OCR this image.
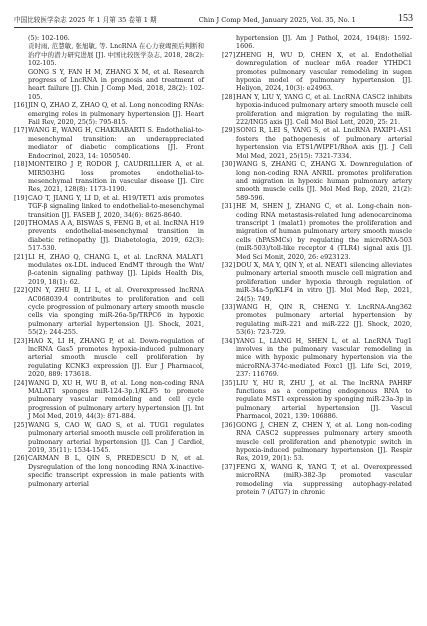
中国比较医学杂志 2025 年 1 月第 35 卷第 1 期	Chin J Comp Med, January 2025, Vol. 35, No. 1	153
(5): 102-106.
贡时雨, 范慧敏, 张旭敏, 等. LncRNA 在心力衰竭预后判断和治疗中的潜力研究进展 [J]. 中国比较医学杂志, 2018, 28(2): 102-105.
GONG S Y, FAN H M, ZHANG X M, et al. Research progress of LncRNA in prognosis and treatment of heart failure [J]. Chin J Comp Med, 2018, 28(2): 102-105.
[16] JIN Q, ZHAO Z, ZHAO Q, et al. Long noncoding RNAs: emerging roles in pulmonary hypertension [J]. Heart Fail Rev, 2020, 25(5): 795-815.
[17] WANG E, WANG H, CHAKRABARTI S. Endothelial-to-mesenchymal transition: an underappreciated mediator of diabetic complications [J]. Front Endocrinol, 2023, 14: 1050540.
[18] MONTEIRO J P, RODOR J, CAUDRILLIER A, et al. MIR503HG loss promotes endothelial-to-mesenchymal transition in vascular disease [J]. Circ Res, 2021, 128(8): 1173-1190.
[19] CAO T, JIANG Y, LI D, et al. H19/TET1 axis promotes TGF-β signaling linked to endothelial-to-mesenchymal transition [J]. FASEB J, 2020, 34(6): 8625-8640.
[20] THOMAS A A, BISWAS S, FENG B, et al. lncRNA H19 prevents endothelial-mesenchymal transition in diabetic retinopathy [J]. Diabetologia, 2019, 62(3): 517-530.
[21] LI H, ZHAO Q, CHANG L, et al. LncRNA MALAT1 modulates ox-LDL induced EndMT through the Wnt/β-catenin signaling pathway [J]. Lipids Health Dis, 2019, 18(1): 62.
[22] QIN Y, ZHU B, LI L, et al. Overexpressed lncRNA AC068039.4 contributes to proliferation and cell cycle progression of pulmonary artery smooth muscle cells via sponging miR-26a-5p/TRPC6 in hypoxic pulmonary arterial hypertension [J]. Shock, 2021, 55(2): 244-255.
[23] HAO X, LI H, ZHANG P, et al. Down-regulation of lncRNA Gas5 promotes hypoxia-induced pulmonary arterial smooth muscle cell proliferation by regulating KCNK3 expression [J]. Eur J Pharmacol, 2020, 889: 173618.
[24] WANG D, XU H, WU B, et al. Long non-coding RNA MALAT1 sponges miR-124-3p.1/KLF5 to promote pulmonary vascular remodeling and cell cycle progression of pulmonary artery hypertension [J]. Int J Mol Med, 2019, 44(3): 871-884.
[25] WANG S, CAO W, GAO S, et al. TUG1 regulates pulmonary arterial smooth muscle cell proliferation in pulmonary arterial hypertension [J]. Can J Cardiol, 2019, 35(11): 1534-1545.
[26] CARMAN B L, QIN S, PREDESCU D N, et al. Dysregulation of the long noncoding RNA X-inactive-specific transcript expression in male patients with pulmonary arterial
hypertension [J]. Am J Pathol, 2024, 194(8): 1592-1606.
[27] ZHENG H, WU D, CHEN X, et al. Endothelial downregulation of nuclear m6A reader YTHDC1 promotes pulmonary vascular remodeling in sugen hypoxia model of pulmonary hypertension [J]. Heliyon, 2024, 10(3): e24963.
[28] HAN Y, LIU Y, YANG C, et al. LncRNA CASC2 inhibits hypoxia-induced pulmonary artery smooth muscle cell proliferation and migration by regulating the miR-222/ING5 axis [J]. Cell Mol Biol Lett, 2020, 25: 21.
[29] SONG R, LEI S, YANG S, et al. LncRNA PAXIP1-AS1 fosters the pathogenesis of pulmonary arterial hypertension via ETS1/WIPF1/RhoA axis [J]. J Cell Mol Med, 2021, 25(15): 7321-7334.
[30] WANG S, ZHANG C, ZHANG X. Downregulation of long non-coding RNA ANRIL promotes proliferation and migration in hypoxic human pulmonary artery smooth muscle cells [J]. Mol Med Rep, 2020, 21(2): 589-596.
[31] HE M, SHEN J, ZHANG C, et al. Long-chain non-coding RNA metastasis-related lung adenocarcinoma transcript 1 (malat1) promotes the proliferation and migration of human pulmonary artery smooth muscle cells (hPASMCs) by regulating the microRNA-503 (miR-503)/toll-like receptor 4 (TLR4) signal axis [J]. Med Sci Monit, 2020, 26: e923123.
[32] DOU X, MA Y, QIN Y, et al. NEAT1 silencing alleviates pulmonary arterial smooth muscle cell migration and proliferation under hypoxia through regulation of miR-34a-5p/KLF4 in vitro [J]. Mol Med Rep, 2021, 24(5): 749.
[33] WANG H, QIN R, CHENG Y. LncRNA-Ang362 promotes pulmonary arterial hypertension by regulating miR-221 and miR-222 [J]. Shock, 2020, 53(6): 723-729.
[34] YANG L, LIANG H, SHEN L, et al. LncRNA Tug1 involves in the pulmonary vascular remodeling in mice with hypoxic pulmonary hypertension via the microRNA-374c-mediated Foxc1 [J]. Life Sci, 2019, 237: 116769.
[35] LIU Y, HU R, ZHU J, et al. The lncRNA PAHRF functions as a competing endogenous RNA to regulate MST1 expression by sponging miR-23a-3p in pulmonary arterial hypertension [J]. Vascul Pharmacol, 2021, 139: 106886.
[36] GONG J, CHEN Z, CHEN Y, et al. Long non-coding RNA CASC2 suppresses pulmonary artery smooth muscle cell proliferation and phenotypic switch in hypoxia-induced pulmonary hypertension [J]. Respir Res, 2019, 20(1): 53.
[37] FENG X, WANG K, YANG T, et al. Overexpressed microRNA (miR)-382-3p promoted vascular remodeling via suppressing autophagy-related protein 7 (ATG7) in chronic
